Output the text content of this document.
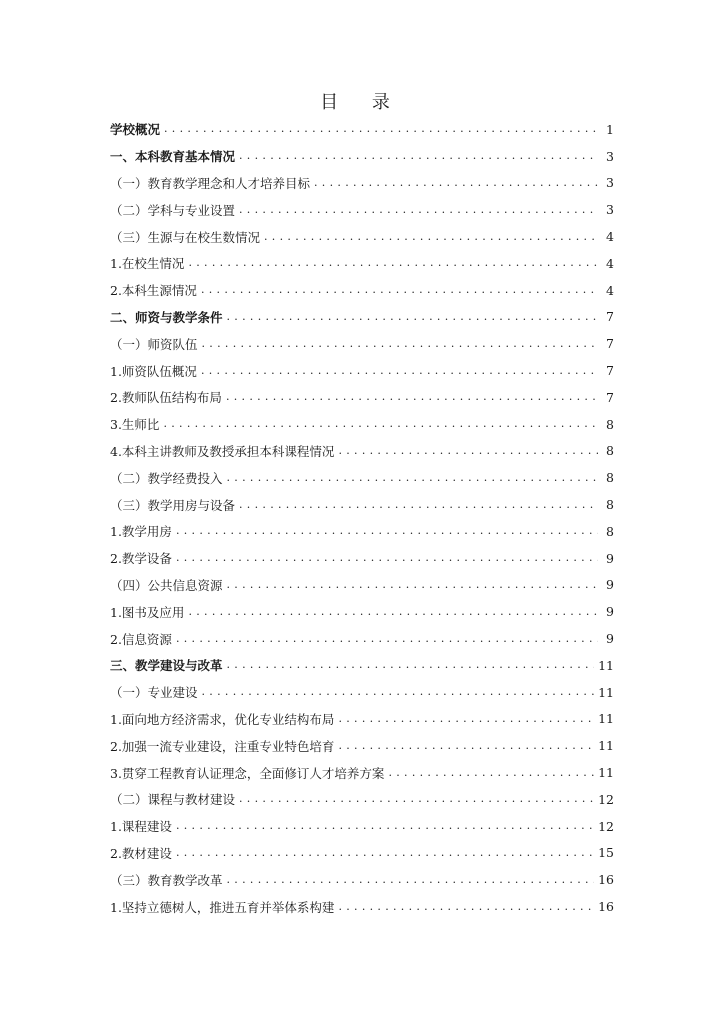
目 录
学校概况 . . .	1
一、本科教育基本情况 . . .	3
（一）教育教学理念和人才培养目标 . . .	3
（二）学科与专业设置 . . .	3
（三）生源与在校生数情况 . . .	4
1.在校生情况 . . .	4
2.本科生源情况 . . .	4
二、师资与教学条件 . . .	7
（一）师资队伍 . . .	7
1.师资队伍概况 . . .	7
2.教师队伍结构布局 . . .	7
3.生师比 . . .	8
4.本科主讲教师及教授承担本科课程情况 . . .	8
（二）教学经费投入 . . .	8
（三）教学用房与设备 . . .	8
1.教学用房 . . .	8
2.教学设备 . . .	9
（四）公共信息资源 . . .	9
1.图书及应用 . . .	9
2.信息资源 . . .	9
三、教学建设与改革 . . .	11
（一）专业建设 . . .	11
1.面向地方经济需求，优化专业结构布局 . . .	11
2.加强一流专业建设，注重专业特色培育 . . .	11
3.贯穿工程教育认证理念，全面修订人才培养方案 . . .	11
（二）课程与教材建设 . . .	12
1.课程建设 . . .	12
2.教材建设 . . .	15
（三）教育教学改革 . . .	16
1.坚持立德树人，推进五育并举体系构建 . . .	16
